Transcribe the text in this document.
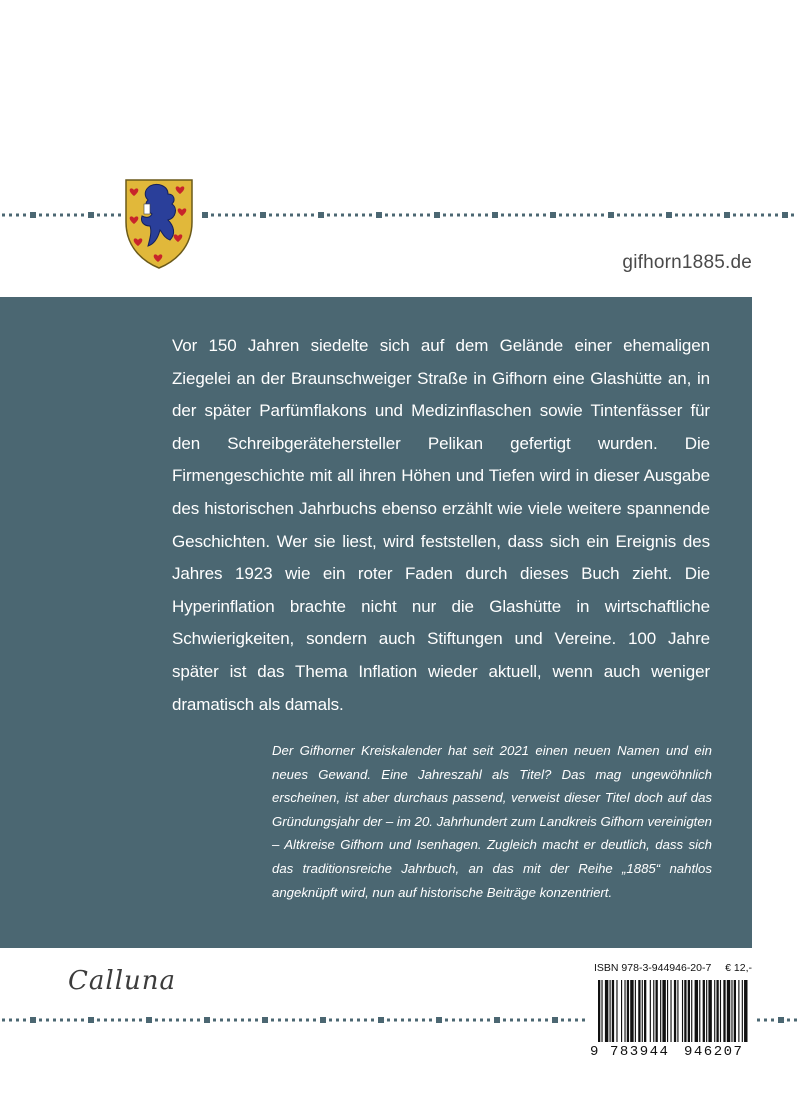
gifhorn1885.de
Vor 150 Jahren siedelte sich auf dem Gelände einer ehemaligen Ziegelei an der Braunschweiger Straße in Gifhorn eine Glashütte an, in der später Parfümflakons und Medizinflaschen sowie Tintenfässer für den Schreibgerätehersteller Pelikan gefertigt wurden. Die Firmengeschichte mit all ihren Höhen und Tiefen wird in dieser Ausgabe des historischen Jahrbuchs ebenso erzählt wie viele weitere spannende Geschichten. Wer sie liest, wird feststellen, dass sich ein Ereignis des Jahres 1923 wie ein roter Faden durch dieses Buch zieht. Die Hyperinflation brachte nicht nur die Glashütte in wirtschaftliche Schwierigkeiten, sondern auch Stiftungen und Vereine. 100 Jahre später ist das Thema Inflation wieder aktuell, wenn auch weniger dramatisch als damals.
Der Gifhorner Kreiskalender hat seit 2021 einen neuen Namen und ein neues Gewand. Eine Jahreszahl als Titel? Das mag ungewöhnlich erscheinen, ist aber durchaus passend, verweist dieser Titel doch auf das Gründungsjahr der – im 20. Jahrhundert zum Landkreis Gifhorn vereinigten – Altkreise Gifhorn und Isenhagen. Zugleich macht er deutlich, dass sich das traditionsreiche Jahrbuch, an das mit der Reihe „1885“ nahtlos angeknüpft wird, nun auf historische Beiträge konzentriert.
Calluna	ISBN 978-3-944946-20-7 € 12,-
9 783944 946207
